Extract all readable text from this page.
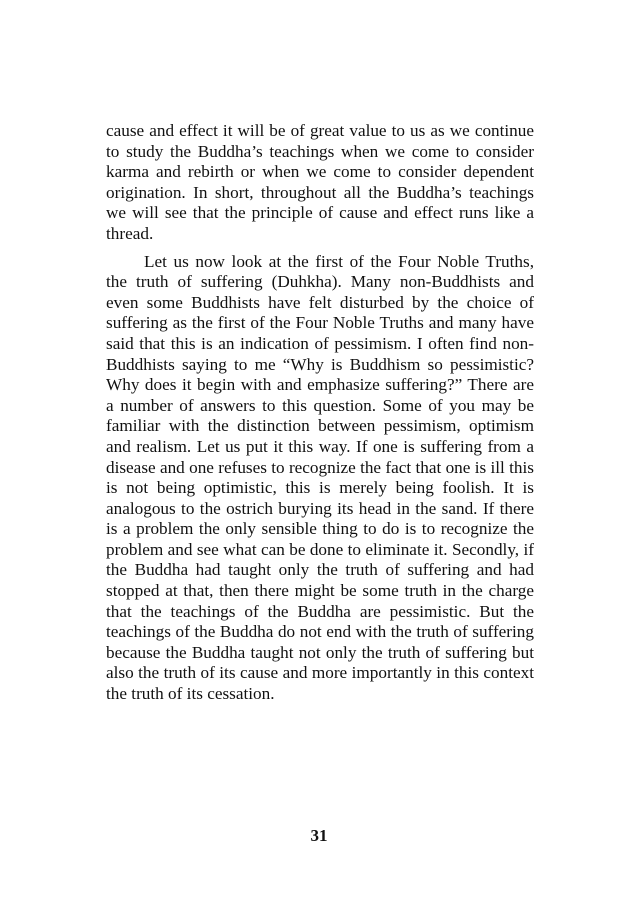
cause and effect it will be of great value to us as we continue to study the Buddha’s teachings when we come to consider karma and rebirth or when we come to consider dependent origination. In short, throughout all the Buddha’s teachings we will see that the principle of cause and effect runs like a thread.

Let us now look at the first of the Four Noble Truths, the truth of suffering (Duhkha). Many non-Buddhists and even some Buddhists have felt disturbed by the choice of suffering as the first of the Four Noble Truths and many have said that this is an indication of pessimism. I often find non-Buddhists saying to me “Why is Buddhism so pessimistic? Why does it begin with and emphasize suffering?” There are a number of answers to this question. Some of you may be familiar with the distinction between pessimism, optimism and realism. Let us put it this way. If one is suffering from a disease and one refuses to recognize the fact that one is ill this is not being optimistic, this is merely being foolish. It is analogous to the ostrich burying its head in the sand. If there is a problem the only sensible thing to do is to recognize the problem and see what can be done to eliminate it. Secondly, if the Buddha had taught only the truth of suffering and had stopped at that, then there might be some truth in the charge that the teachings of the Buddha are pessimistic. But the teachings of the Buddha do not end with the truth of suffering because the Buddha taught not only the truth of suffering but also the truth of its cause and more importantly in this context the truth of its cessation.

31
